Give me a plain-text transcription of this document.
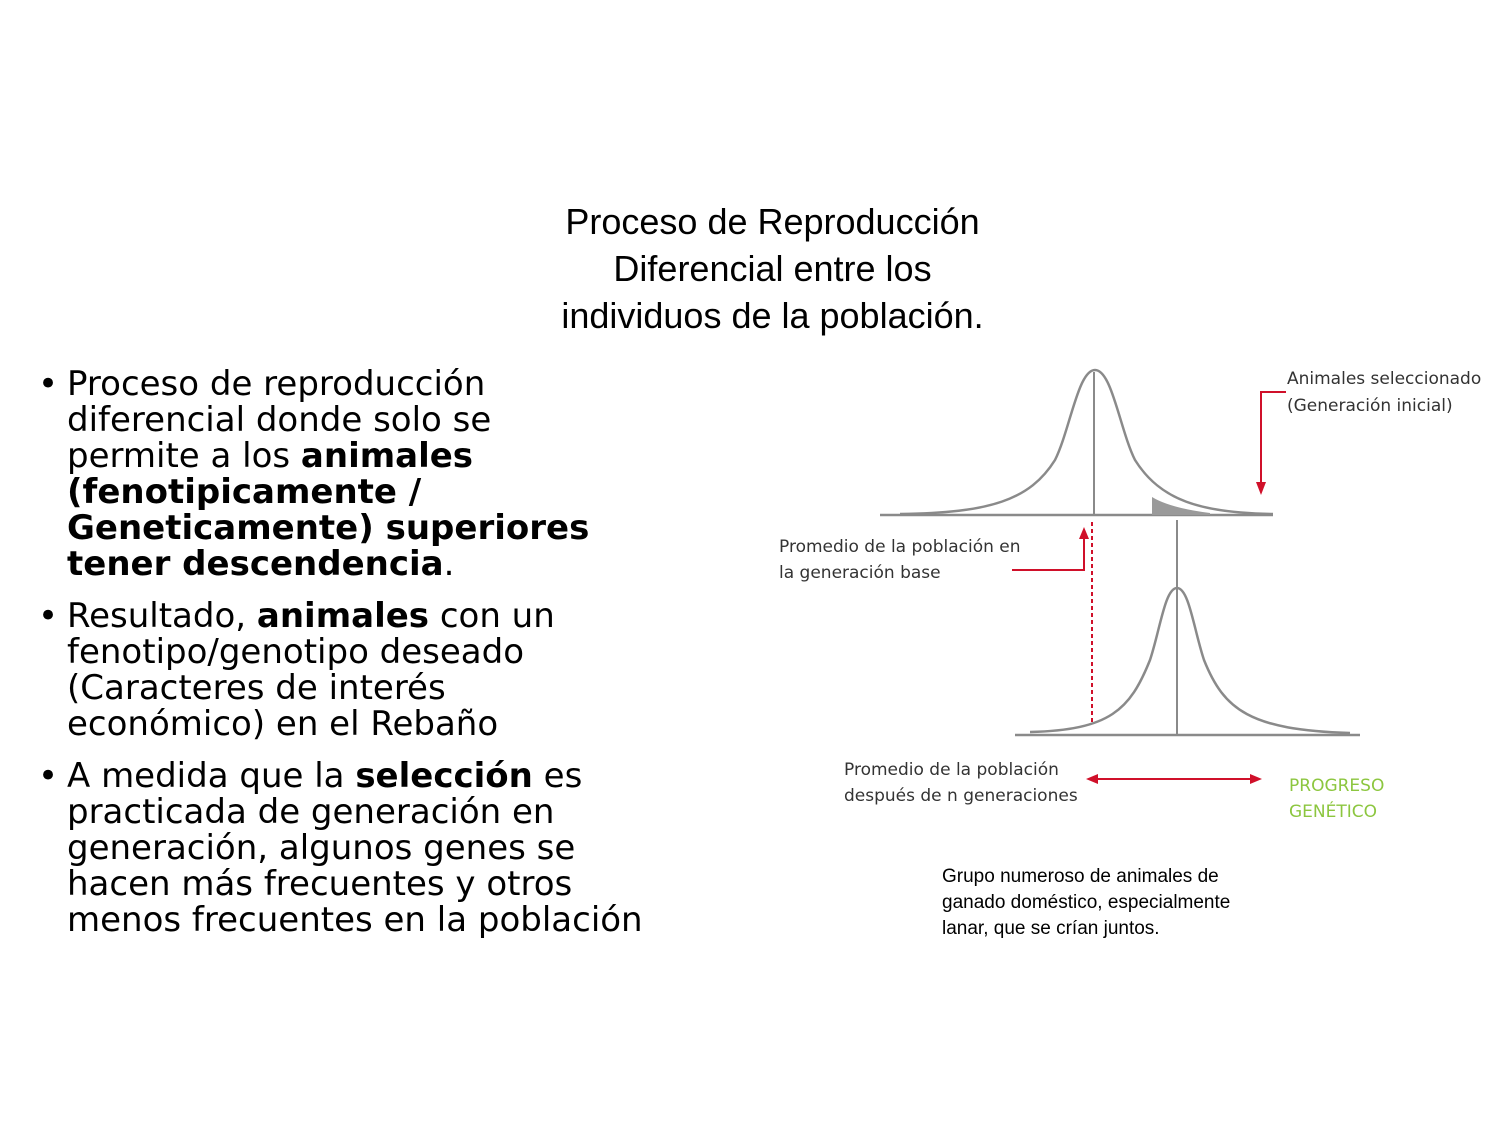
Proceso de Reproducción
Diferencial entre los
individuos de la población.
• Proceso de reproducción
diferencial donde solo se
permite a los animales
(fenotipicamente /
Geneticamente) superiores
tener descendencia.
• Resultado, animales con un
fenotipo/genotipo deseado
(Caracteres de interés
económico) en el Rebaño
• A medida que la selección es
practicada de generación en
generación, algunos genes se
hacen más frecuentes y otros
menos frecuentes en la población
Animales seleccionado
(Generación inicial)
Promedio de la población en
la generación base
Promedio de la población
después de n generaciones	PROGRESO
GENÉTICO
Grupo numeroso de animales de
ganado doméstico, especialmente
lanar, que se crían juntos.
